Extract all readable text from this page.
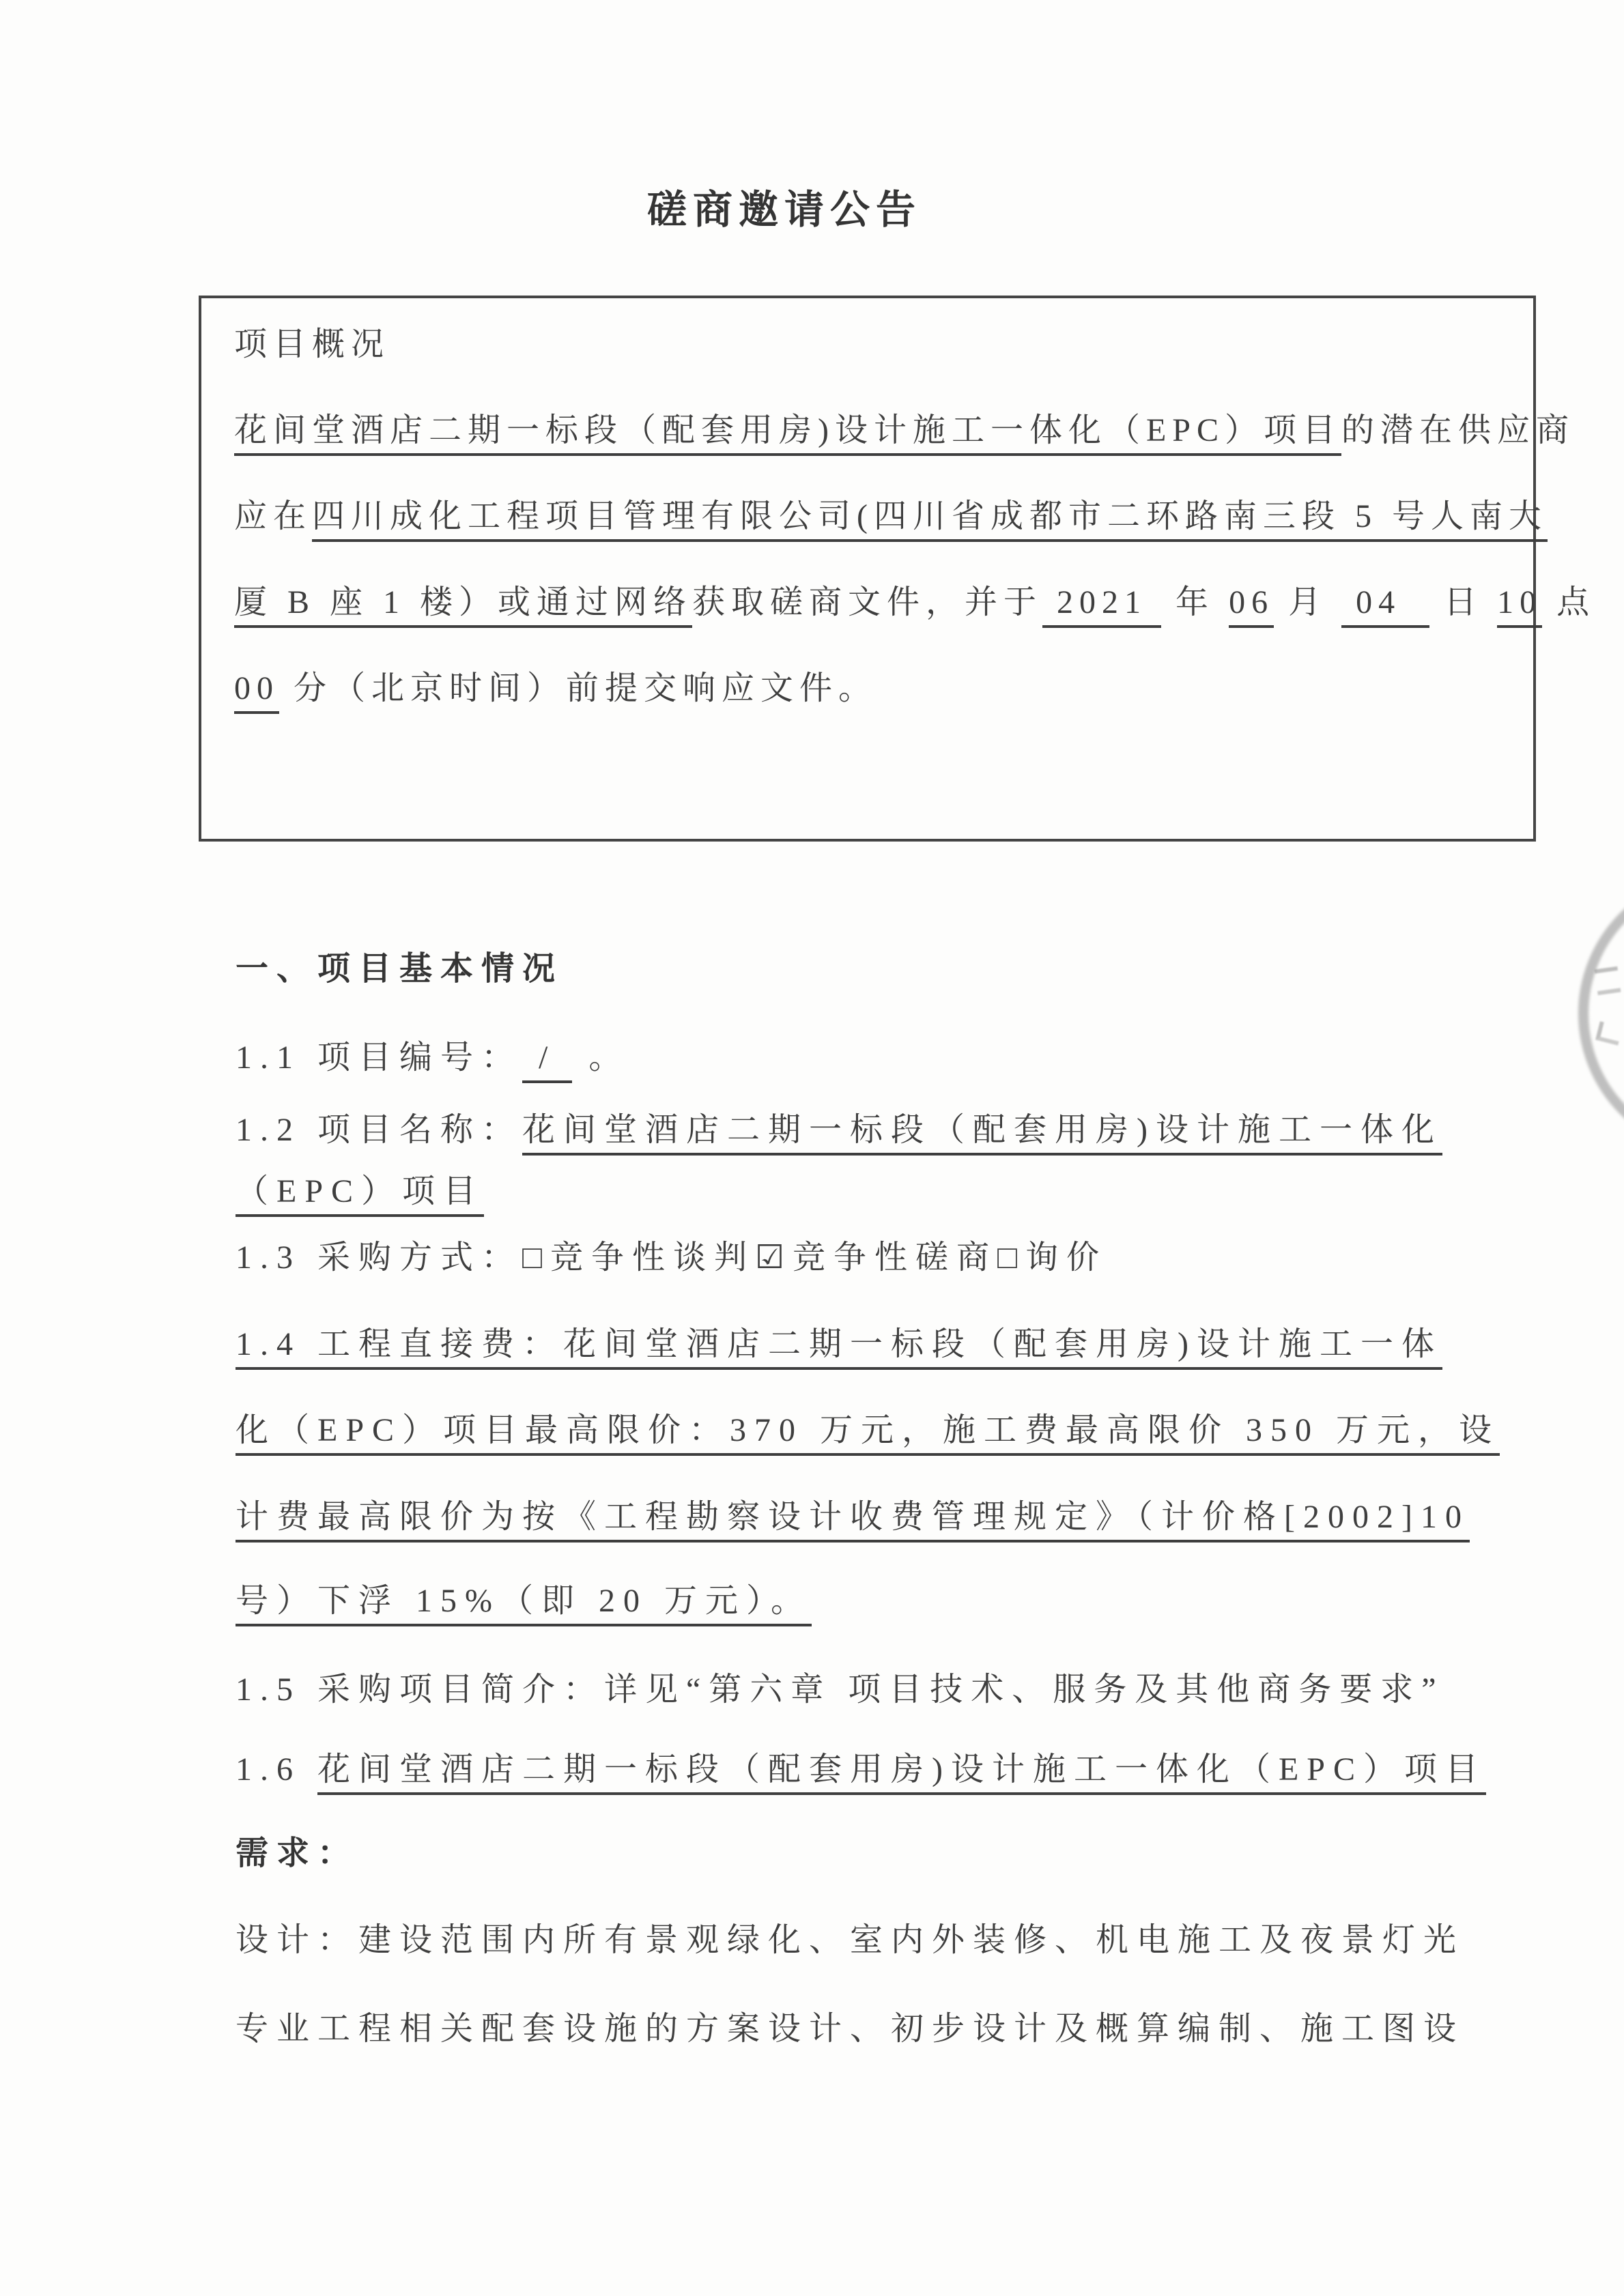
磋商邀请公告
项目概况
花间堂酒店二期一标段（配套用房)设计施工一体化（EPC）项目的潜在供应商
应在四川成化工程项目管理有限公司(四川省成都市二环路南三段 5 号人南大
厦 B 座 1 楼）或通过网络获取磋商文件，并于 2021  年 06 月  04   日 10 点
00 分（北京时间）前提交响应文件。
一、项目基本情况
1.1 项目编号： /  。
1.2 项目名称：花间堂酒店二期一标段（配套用房)设计施工一体化
（EPC）项目
1.3 采购方式：□竞争性谈判☑竞争性磋商□询价
1.4 工程直接费：花间堂酒店二期一标段（配套用房)设计施工一体
化（EPC）项目最高限价：370 万元，施工费最高限价 350 万元，设
计费最高限价为按《工程勘察设计收费管理规定》（计价格[2002]10
号）下浮 15%（即 20 万元）。
1.5 采购项目简介：详见“第六章 项目技术、服务及其他商务要求”
1.6 花间堂酒店二期一标段（配套用房)设计施工一体化（EPC）项目
需求：
设计：建设范围内所有景观绿化、室内外装修、机电施工及夜景灯光
专业工程相关配套设施的方案设计、初步设计及概算编制、施工图设
